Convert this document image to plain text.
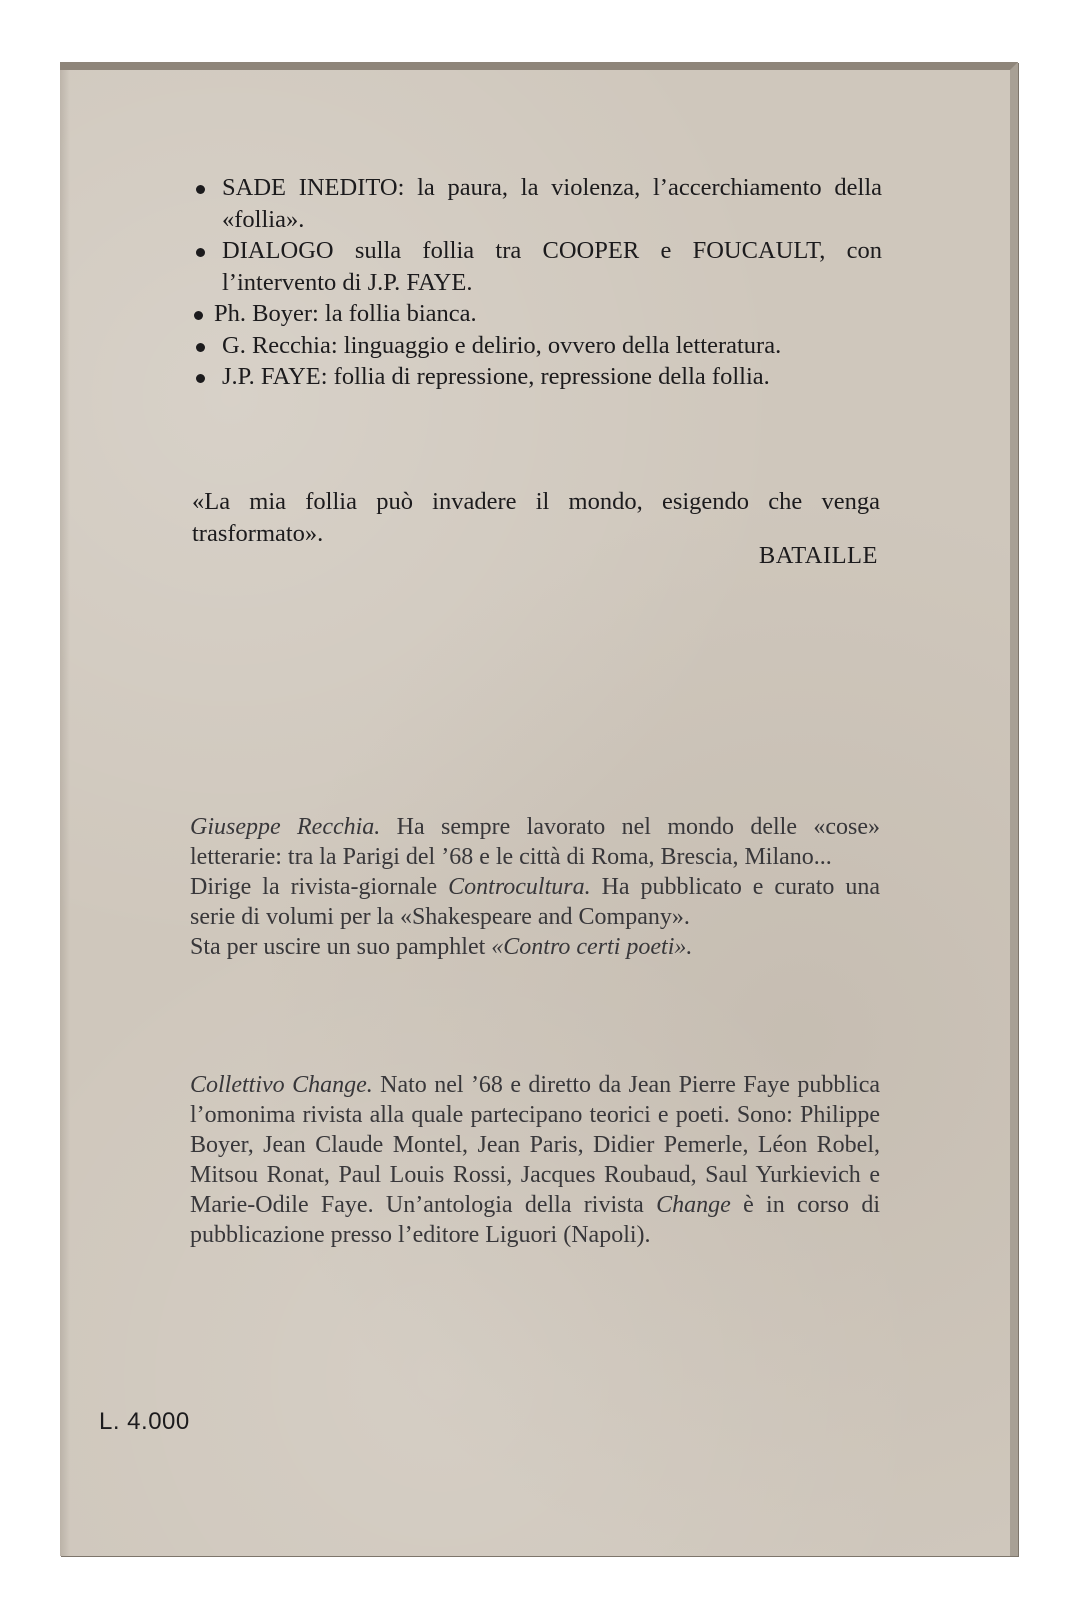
SADE INEDITO: la paura, la violenza, l’accerchiamento della «follia».
DIALOGO sulla follia tra COOPER e FOUCAULT, con l’intervento di J.P. FAYE.
Ph. Boyer: la follia bianca.
G. Recchia: linguaggio e delirio, ovvero della letteratura.
J.P. FAYE: follia di repressione, repressione della follia.
«La mia follia può invadere il mondo, esigendo che venga trasformato».
BATAILLE

Giuseppe Recchia. Ha sempre lavorato nel mondo delle «cose» letterarie: tra la Parigi del ’68 e le città di Roma, Brescia, Milano...

Dirige la rivista-giornale Controcultura. Ha pubblicato e curato una serie di volumi per la «Shakespeare and Company».

Sta per uscire un suo pamphlet «Contro certi poeti».

Collettivo Change. Nato nel ’68 e diretto da Jean Pierre Faye pubblica l’omonima rivista alla quale partecipano teorici e poeti. Sono: Philippe Boyer, Jean Claude Montel, Jean Paris, Didier Pemerle, Léon Robel, Mitsou Ronat, Paul Louis Rossi, Jacques Roubaud, Saul Yurkievich e Marie-Odile Faye. Un’antologia della rivista Change è in corso di pubblicazione presso l’editore Liguori (Napoli).

L. 4.000
